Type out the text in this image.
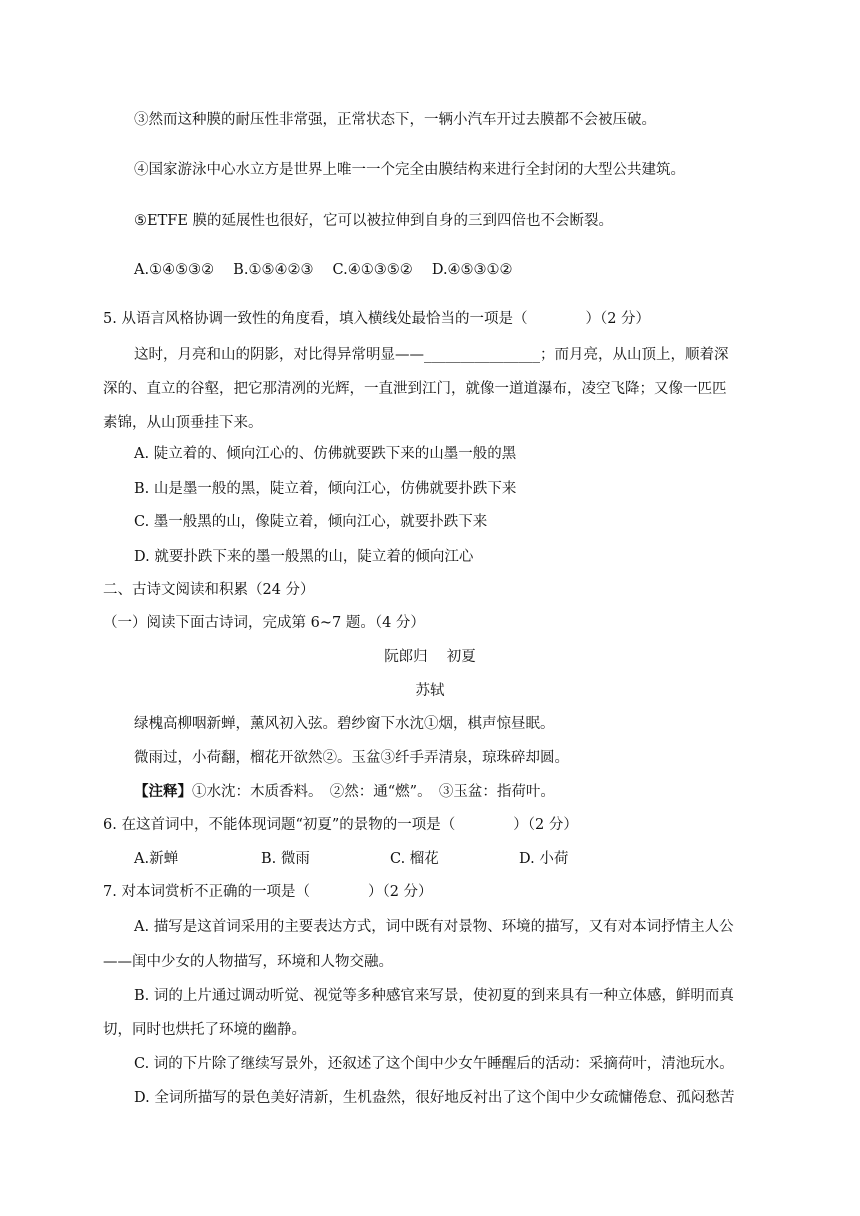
③然而这种膜的耐压性非常强，正常状态下，一辆小汽车开过去膜都不会被压破。
④国家游泳中心水立方是世界上唯一一个完全由膜结构来进行全封闭的大型公共建筑。
⑤ETFE 膜的延展性也很好，它可以被拉伸到自身的三到四倍也不会断裂。
A.①④⑤③②　 B.①⑤④②③　 C.④①③⑤②　 D.④⑤③①②
5. 从语言风格协调一致性的角度看，填入横线处最恰当的一项是（　　　　）（2 分）
这时，月亮和山的阴影，对比得异常明显——________________；而月亮，从山顶上，顺着深
深的、直立的谷壑，把它那清冽的光辉，一直泄到江门，就像一道道瀑布，凌空飞降；又像一匹匹
素锦，从山顶垂挂下来。
A. 陡立着的、倾向江心的、仿佛就要跌下来的山墨一般的黑
B. 山是墨一般的黑，陡立着，倾向江心，仿佛就要扑跌下来
C. 墨一般黑的山，像陡立着，倾向江心，就要扑跌下来
D. 就要扑跌下来的墨一般黑的山，陡立着的倾向江心
二、古诗文阅读和积累（24 分）
（一）阅读下面古诗词，完成第 6~7 题。（4 分）
阮郎归　 初夏
苏轼
绿槐高柳咽新蝉，薰风初入弦。碧纱窗下水沈①烟，棋声惊昼眠。
微雨过，小荷翻，榴花开欲然②。玉盆③纤手弄清泉，琼珠碎却圆。
【注释】①水沈：木质香料。　②然：通“燃”。　③玉盆：指荷叶。
6. 在这首词中，不能体现词题“初夏”的景物的一项是（　　　　）（2 分）
A.新蝉	B. 微雨	C. 榴花	D. 小荷
7. 对本词赏析不正确的一项是（　　　　）（2 分）
A. 描写是这首词采用的主要表达方式，词中既有对景物、环境的描写，又有对本词抒情主人公
——闺中少女的人物描写，环境和人物交融。
B. 词的上片通过调动听觉、视觉等多种感官来写景，使初夏的到来具有一种立体感，鲜明而真
切，同时也烘托了环境的幽静。
C. 词的下片除了继续写景外，还叙述了这个闺中少女午睡醒后的活动：采摘荷叶，清池玩水。
D. 全词所描写的景色美好清新，生机盎然，很好地反衬出了这个闺中少女疏慵倦怠、孤闷愁苦
